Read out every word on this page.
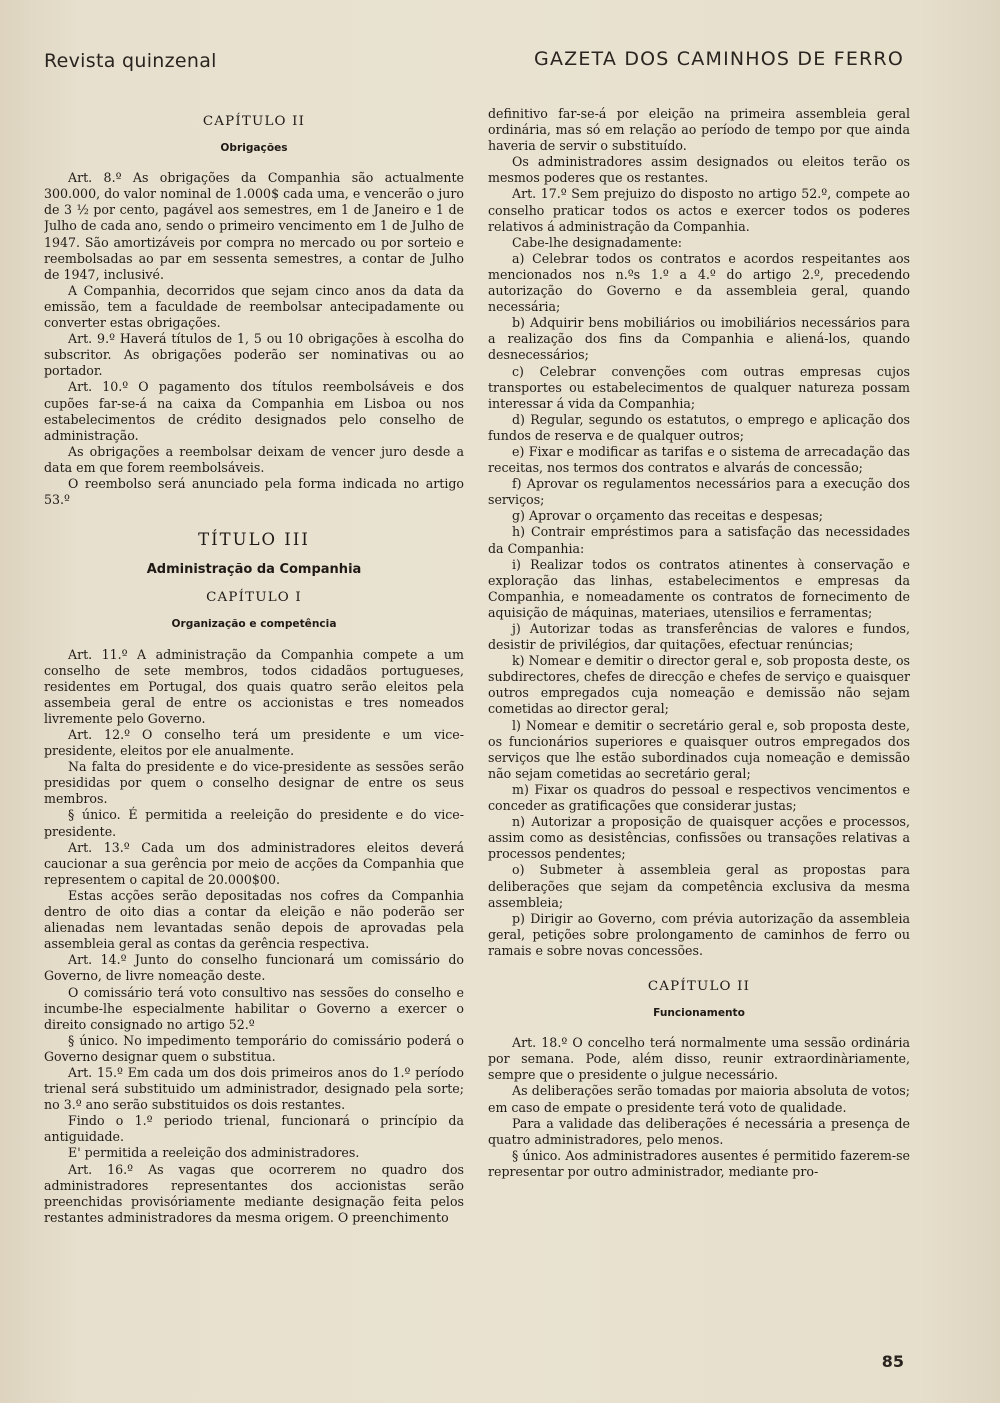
Revista quinzenal	GAZETA DOS CAMINHOS DE FERRO
CAPÍTULO II
Obrigações

Art. 8.º As obrigações da Companhia são actualmente 300.000, do valor nominal de 1.000$ cada uma, e vencerão o juro de 3 ½ por cento, pagável aos semestres, em 1 de Janeiro e 1 de Julho de cada ano, sendo o primeiro vencimento em 1 de Julho de 1947. São amortizáveis por compra no mercado ou por sorteio e reembolsadas ao par em sessenta semestres, a contar de Julho de 1947, inclusivé.

A Companhia, decorridos que sejam cinco anos da data da emissão, tem a faculdade de reembolsar antecipadamente ou converter estas obrigações.

Art. 9.º Haverá títulos de 1, 5 ou 10 obrigações à escolha do subscritor. As obrigações poderão ser nominativas ou ao portador.

Art. 10.º O pagamento dos títulos reembolsáveis e dos cupões far-se-á na caixa da Companhia em Lisboa ou nos estabelecimentos de crédito designados pelo conselho de administração.

As obrigações a reembolsar deixam de vencer juro desde a data em que forem reembolsáveis.

O reembolso será anunciado pela forma indicada no artigo 53.º

TÍTULO III
Administração da Companhia
CAPÍTULO I
Organização e competência

Art. 11.º A administração da Companhia compete a um conselho de sete membros, todos cidadãos portugueses, residentes em Portugal, dos quais quatro serão eleitos pela assembeia geral de entre os accionistas e tres nomeados livremente pelo Governo.

Art. 12.º O conselho terá um presidente e um vice-presidente, eleitos por ele anualmente.

Na falta do presidente e do vice-presidente as sessões serão presididas por quem o conselho designar de entre os seus membros.

§ único. É permitida a reeleição do presidente e do vice-presidente.

Art. 13.º Cada um dos administradores eleitos deverá caucionar a sua gerência por meio de acções da Companhia que representem o capital de 20.000$00.

Estas acções serão depositadas nos cofres da Companhia dentro de oito dias a contar da eleição e não poderão ser alienadas nem levantadas senão depois de aprovadas pela assembleia geral as contas da gerência respectiva.

Art. 14.º Junto do conselho funcionará um comissário do Governo, de livre nomeação deste.

O comissário terá voto consultivo nas sessões do conselho e incumbe-lhe especialmente habilitar o Governo a exercer o direito consignado no artigo 52.º

§ único. No impedimento temporário do comissário poderá o Governo designar quem o substitua.

Art. 15.º Em cada um dos dois primeiros anos do 1.º período trienal será substituido um administrador, designado pela sorte; no 3.º ano serão substituidos os dois restantes.

Findo o 1.º periodo trienal, funcionará o princípio da antiguidade.

E' permitida a reeleição dos administradores.

Art. 16.º As vagas que ocorrerem no quadro dos administradores representantes dos accionistas serão preenchidas provisóriamente mediante designação feita pelos restantes administradores da mesma origem. O preenchimento

definitivo far-se-á por eleição na primeira assembleia geral ordinária, mas só em relação ao período de tempo por que ainda haveria de servir o substituído.

Os administradores assim designados ou eleitos terão os mesmos poderes que os restantes.

Art. 17.º Sem prejuizo do disposto no artigo 52.º, compete ao conselho praticar todos os actos e exercer todos os poderes relativos á administração da Companhia.

Cabe-lhe designadamente:

a) Celebrar todos os contratos e acordos respeitantes aos mencionados nos n.ºs 1.º a 4.º do artigo 2.º, precedendo autorização do Governo e da assembleia geral, quando necessária;

b) Adquirir bens mobiliários ou imobiliários necessários para a realização dos fins da Companhia e aliená-los, quando desnecessários;

c) Celebrar convenções com outras empresas cujos transportes ou estabelecimentos de qualquer natureza possam interessar á vida da Companhia;

d) Regular, segundo os estatutos, o emprego e aplicação dos fundos de reserva e de qualquer outros;

e) Fixar e modificar as tarifas e o sistema de arrecadação das receitas, nos termos dos contratos e alvarás de concessão;

f) Aprovar os regulamentos necessários para a execução dos serviços;

g) Aprovar o orçamento das receitas e despesas;

h) Contrair empréstimos para a satisfação das necessidades da Companhia:

i) Realizar todos os contratos atinentes à conservação e exploração das linhas, estabelecimentos e empresas da Companhia, e nomeadamente os contratos de fornecimento de aquisição de máquinas, materiaes, utensilios e ferramentas;

j) Autorizar todas as transferências de valores e fundos, desistir de privilégios, dar quitações, efectuar renúncias;

k) Nomear e demitir o director geral e, sob proposta deste, os subdirectores, chefes de direcção e chefes de serviço e quaisquer outros empregados cuja nomeação e demissão não sejam cometidas ao director geral;

l) Nomear e demitir o secretário geral e, sob proposta deste, os funcionários superiores e quaisquer outros empregados dos serviços que lhe estão subordinados cuja nomeação e demissão não sejam cometidas ao secretário geral;

m) Fixar os quadros do pessoal e respectivos vencimentos e conceder as gratificações que considerar justas;

n) Autorizar a proposição de quaisquer acções e processos, assim como as desistências, confissões ou transações relativas a processos pendentes;

o) Submeter à assembleia geral as propostas para deliberações que sejam da competência exclusiva da mesma assembleia;

p) Dirigir ao Governo, com prévia autorização da assembleia geral, petições sobre prolongamento de caminhos de ferro ou ramais e sobre novas concessões.

CAPÍTULO II
Funcionamento

Art. 18.º O concelho terá normalmente uma sessão ordinária por semana. Pode, além disso, reunir extraordinàriamente, sempre que o presidente o julgue necessário.

As deliberações serão tomadas por maioria absoluta de votos; em caso de empate o presidente terá voto de qualidade.

Para a validade das deliberações é necessária a presença de quatro administradores, pelo menos.

§ único. Aos administradores ausentes é permitido fazerem-se representar por outro administrador, mediante pro-

85
